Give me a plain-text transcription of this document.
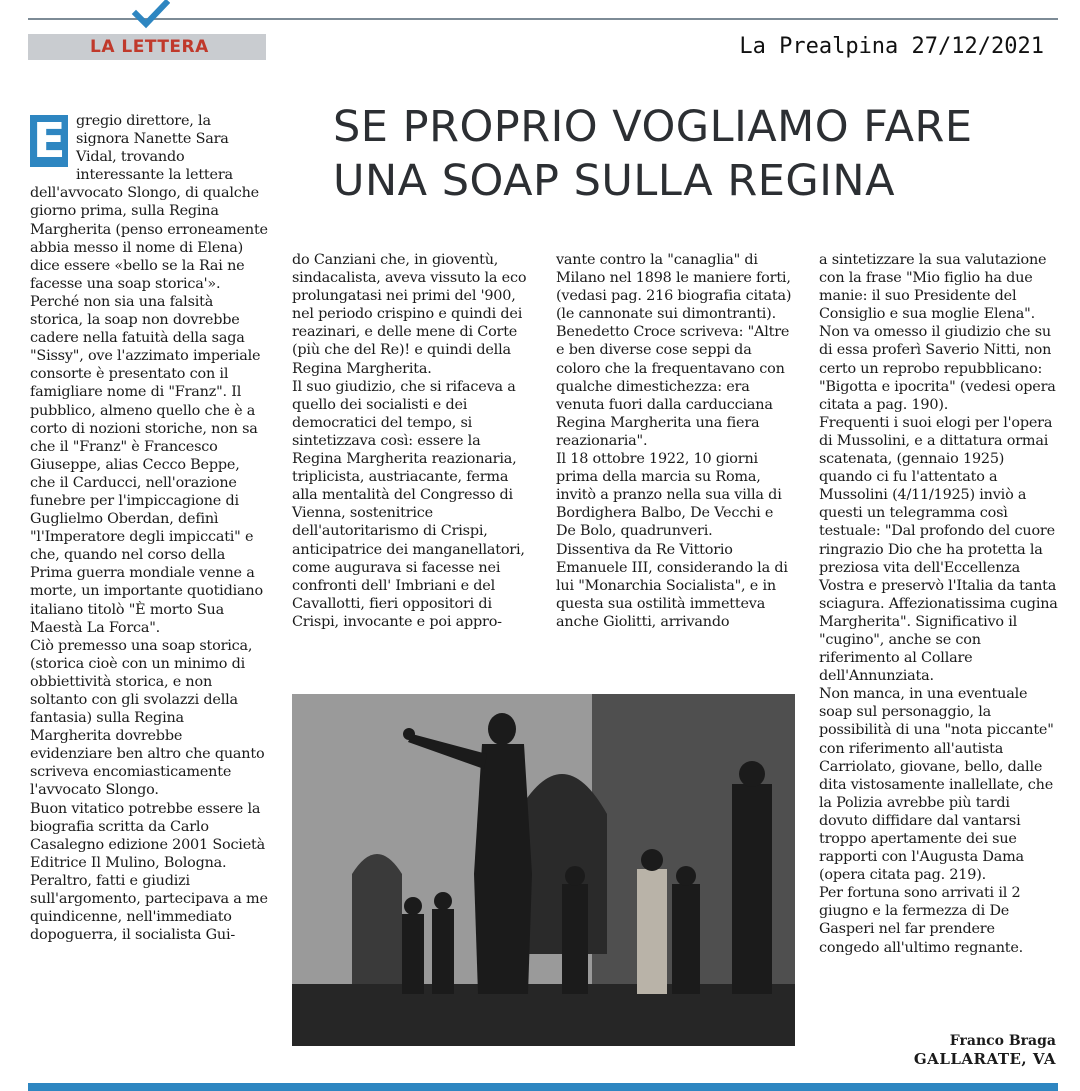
LA LETTERA	La Prealpina 27/12/2021
SE PROPRIO VOGLIAMO FARE
UNA SOAP SULLA REGINA
E gregio direttore, la signora Nanette Sara Vidal, trovando interessante la lettera dell'avvocato Slongo, di qualche giorno prima, sulla Regina Margherita (penso erroneamente abbia messo il nome di Elena) dice essere «bello se la Rai ne facesse una soap storica'».

Perché non sia una falsità storica, la soap non dovrebbe cadere nella fatuità della saga "Sissy", ove l'azzimato imperiale consorte è presentato con il famigliare nome di "Franz". Il pubblico, almeno quello che è a corto di nozioni storiche, non sa che il "Franz" è Francesco Giuseppe, alias Cecco Beppe, che il Carducci, nell'orazione funebre per l'impiccagione di Guglielmo Oberdan, definì "l'Imperatore degli impiccati" e che, quando nel corso della Prima guerra mondiale venne a morte, un importante quotidiano italiano titolò "È morto Sua Maestà La Forca".

Ciò premesso una soap storica, (storica cioè con un minimo di obbiettività storica, e non soltanto con gli svolazzi della fantasia) sulla Regina Margherita dovrebbe evidenziare ben altro che quanto scriveva encomiasticamente l'avvocato Slongo.

Buon vitatico potrebbe essere la biografia scritta da Carlo Casalegno edizione 2001 Società Editrice Il Mulino, Bologna.

Peraltro, fatti e giudizi sull'argomento, partecipava a me quindicenne, nell'immediato dopoguerra, il socialista Gui-

do Canziani che, in gioventù, sindacalista, aveva vissuto la eco prolungatasi nei primi del '900, nel periodo crispino e quindi dei reazinari, e delle mene di Corte (più che del Re)! e quindi della Regina Margherita.

Il suo giudizio, che si rifaceva a quello dei socialisti e dei democratici del tempo, si sintetizzava così: essere la Regina Margherita reazionaria, triplicista, austriacante, ferma alla mentalità del Congresso di Vienna, sostenitrice dell'autoritarismo di Crispi, anticipatrice dei manganellatori, come augurava si facesse nei confronti dell' Imbriani e del Cavallotti, fieri oppositori di Crispi, invocante e poi appro-

vante contro la "canaglia" di Milano nel 1898 le maniere forti, (vedasi pag. 216 biografia citata)(le cannonate sui dimontranti).

Benedetto Croce scriveva: "Altre e ben diverse cose seppi da coloro che la frequentavano con qualche dimestichezza: era venuta fuori dalla carducciana Regina Margherita una fiera reazionaria".

Il 18 ottobre 1922, 10 giorni prima della marcia su Roma, invitò a pranzo nella sua villa di Bordighera Balbo, De Vecchi e De Bolo, quadrunveri.

Dissentiva da Re Vittorio Emanuele III, considerando la di lui "Monarchia Socialista", e in questa sua ostilità immetteva anche Giolitti, arrivando

a sintetizzare la sua valutazione con la frase "Mio figlio ha due manie: il suo Presidente del Consiglio e sua moglie Elena". Non va omesso il giudizio che su di essa proferì Saverio Nitti, non certo un reprobo repubblicano: "Bigotta e ipocrita" (vedesi opera citata a pag. 190).

Frequenti i suoi elogi per l'opera di Mussolini, e a dittatura ormai scatenata, (gennaio 1925) quando ci fu l'attentato a Mussolini (4/11/1925) inviò a questi un telegramma così testuale: "Dal profondo del cuore ringrazio Dio che ha protetta la preziosa vita dell'Eccellenza Vostra e preservò l'Italia da tanta sciagura. Affezionatissima cugina Margherita". Significativo il "cugino", anche se con riferimento al Collare dell'Annunziata.

Non manca, in una eventuale soap sul personaggio, la possibilità di una "nota piccante" con riferimento all'autista Carriolato, giovane, bello, dalle dita vistosamente inallellate, che la Polizia avrebbe più tardi dovuto diffidare dal vantarsi troppo apertamente dei sue rapporti con l'Augusta Dama (opera citata pag. 219).

Per fortuna sono arrivati il 2 giugno e la fermezza di De Gasperi nel far prendere congedo all'ultimo regnante.

Franco Braga
GALLARATE, VA
